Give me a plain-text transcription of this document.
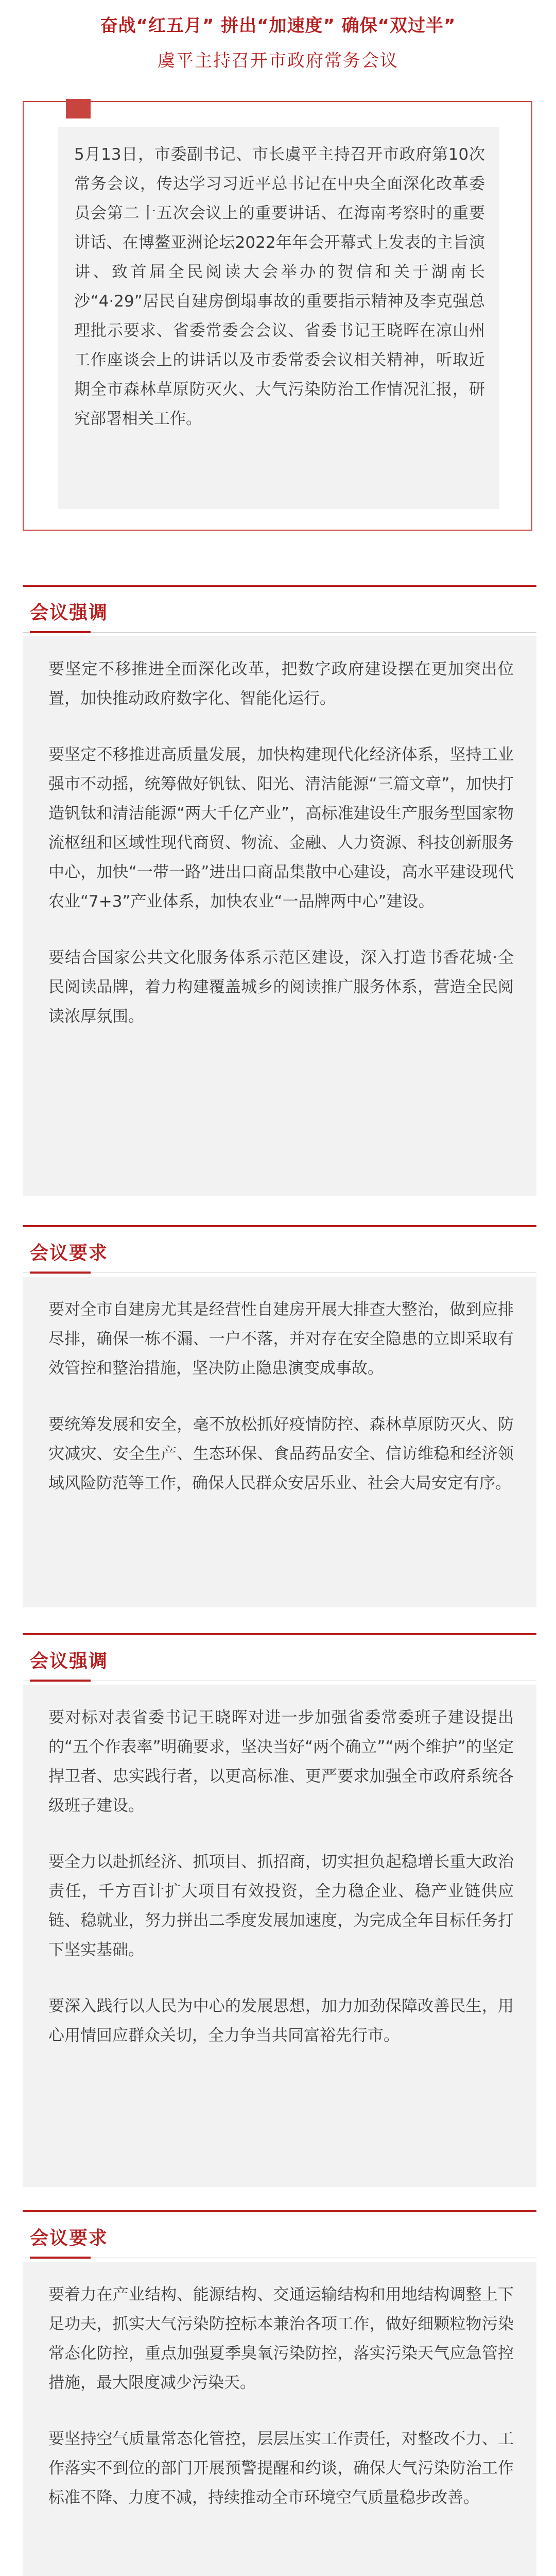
奋战“红五月” 拼出“加速度” 确保“双过半”
虞平主持召开市政府常务会议
5月13日，市委副书记、市长虞平主持召开市政府第10次常务会议，传达学习习近平总书记在中央全面深化改革委员会第二十五次会议上的重要讲话、在海南考察时的重要讲话、在博鳌亚洲论坛2022年年会开幕式上发表的主旨演讲、致首届全民阅读大会举办的贺信和关于湖南长沙“4·29”居民自建房倒塌事故的重要指示精神及李克强总理批示要求、省委常委会会议、省委书记王晓晖在凉山州工作座谈会上的讲话以及市委常委会议相关精神，听取近期全市森林草原防灭火、大气污染防治工作情况汇报，研究部署相关工作。
会议强调

要坚定不移推进全面深化改革，把数字政府建设摆在更加突出位置，加快推动政府数字化、智能化运行。

要坚定不移推进高质量发展，加快构建现代化经济体系，坚持工业强市不动摇，统筹做好钒钛、阳光、清洁能源“三篇文章”，加快打造钒钛和清洁能源“两大千亿产业”，高标准建设生产服务型国家物流枢纽和区域性现代商贸、物流、金融、人力资源、科技创新服务中心，加快“一带一路”进出口商品集散中心建设，高水平建设现代农业“7+3”产业体系，加快农业“一品牌两中心”建设。

要结合国家公共文化服务体系示范区建设，深入打造书香花城·全民阅读品牌，着力构建覆盖城乡的阅读推广服务体系，营造全民阅读浓厚氛围。

会议要求

要对全市自建房尤其是经营性自建房开展大排查大整治，做到应排尽排，确保一栋不漏、一户不落，并对存在安全隐患的立即采取有效管控和整治措施，坚决防止隐患演变成事故。

要统筹发展和安全，毫不放松抓好疫情防控、森林草原防灭火、防灾减灾、安全生产、生态环保、食品药品安全、信访维稳和经济领域风险防范等工作，确保人民群众安居乐业、社会大局安定有序。

会议强调

要对标对表省委书记王晓晖对进一步加强省委常委班子建设提出的“五个作表率”明确要求，坚决当好“两个确立”“两个维护”的坚定捍卫者、忠实践行者，以更高标准、更严要求加强全市政府系统各级班子建设。

要全力以赴抓经济、抓项目、抓招商，切实担负起稳增长重大政治责任，千方百计扩大项目有效投资，全力稳企业、稳产业链供应链、稳就业，努力拼出二季度发展加速度，为完成全年目标任务打下坚实基础。

要深入践行以人民为中心的发展思想，加力加劲保障改善民生，用心用情回应群众关切，全力争当共同富裕先行市。

会议要求

要着力在产业结构、能源结构、交通运输结构和用地结构调整上下足功夫，抓实大气污染防控标本兼治各项工作，做好细颗粒物污染常态化防控，重点加强夏季臭氧污染防控，落实污染天气应急管控措施，最大限度减少污染天。

要坚持空气质量常态化管控，层层压实工作责任，对整改不力、工作落实不到位的部门开展预警提醒和约谈，确保大气污染防治工作标准不降、力度不减，持续推动全市环境空气质量稳步改善。
